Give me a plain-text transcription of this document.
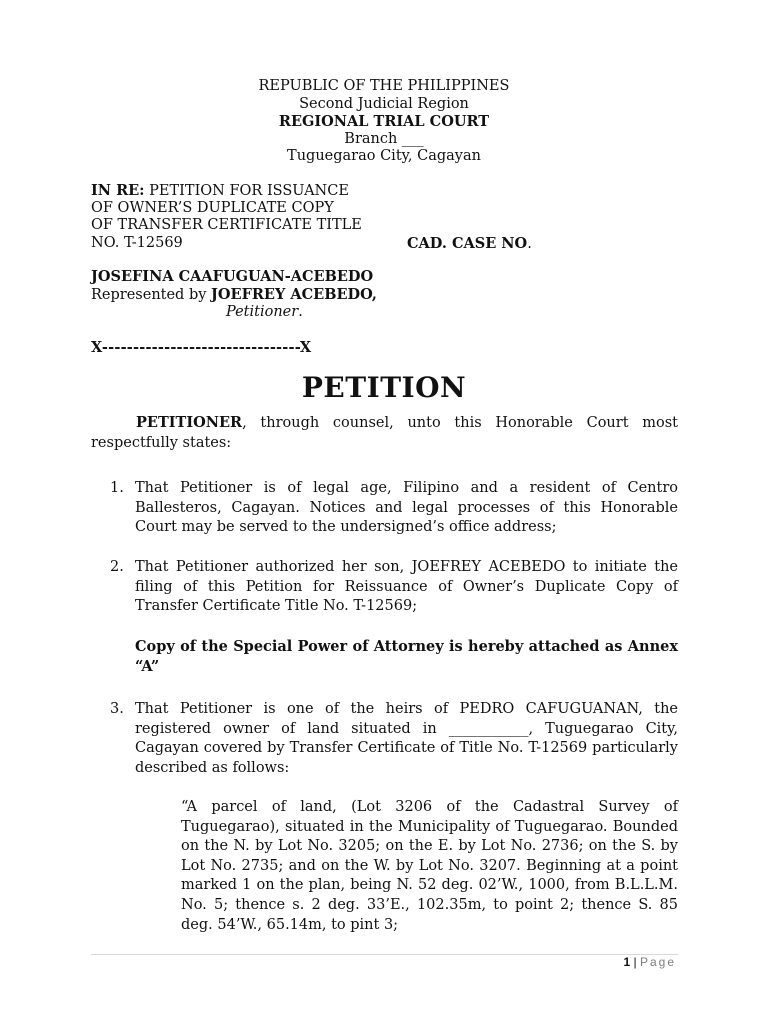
REPUBLIC OF THE PHILIPPINES
Second Judicial Region
REGIONAL TRIAL COURT
Branch ___
Tuguegarao City, Cagayan
IN RE: PETITION FOR ISSUANCE
OF OWNER’S DUPLICATE COPY
OF TRANSFER CERTIFICATE TITLE
NO. T-12569	CAD. CASE NO.
JOSEFINA CAAFUGUAN-ACEBEDO
Represented by JOEFREY ACEBEDO,
Petitioner.
X--------------------------------X
PETITION
PETITIONER, through counsel, unto this Honorable Court most respectfully states:
1. That Petitioner is of legal age, Filipino and a resident of Centro Ballesteros, Cagayan. Notices and legal processes of this Honorable Court may be served to the undersigned’s office address;
2. That Petitioner authorized her son, JOEFREY ACEBEDO to initiate the filing of this Petition for Reissuance of Owner’s Duplicate Copy of Transfer Certificate Title No. T-12569;
Copy of the Special Power of Attorney is hereby attached as Annex “A”
3. That Petitioner is one of the heirs of PEDRO CAFUGUANAN, the registered owner of land situated in ___________, Tuguegarao City, Cagayan covered by Transfer Certificate of Title No. T-12569 particularly described as follows:
“A parcel of land, (Lot 3206 of the Cadastral Survey of Tuguegarao), situated in the Municipality of Tuguegarao. Bounded on the N. by Lot No. 3205; on the E. by Lot No. 2736; on the S. by Lot No. 2735; and on the W. by Lot No. 3207. Beginning at a point marked 1 on the plan, being N. 52 deg. 02’W., 1000, from B.L.L.M. No. 5; thence s. 2 deg. 33’E., 102.35m, to point 2; thence S. 85 deg. 54’W., 65.14m, to pint 3;
1 | Page
